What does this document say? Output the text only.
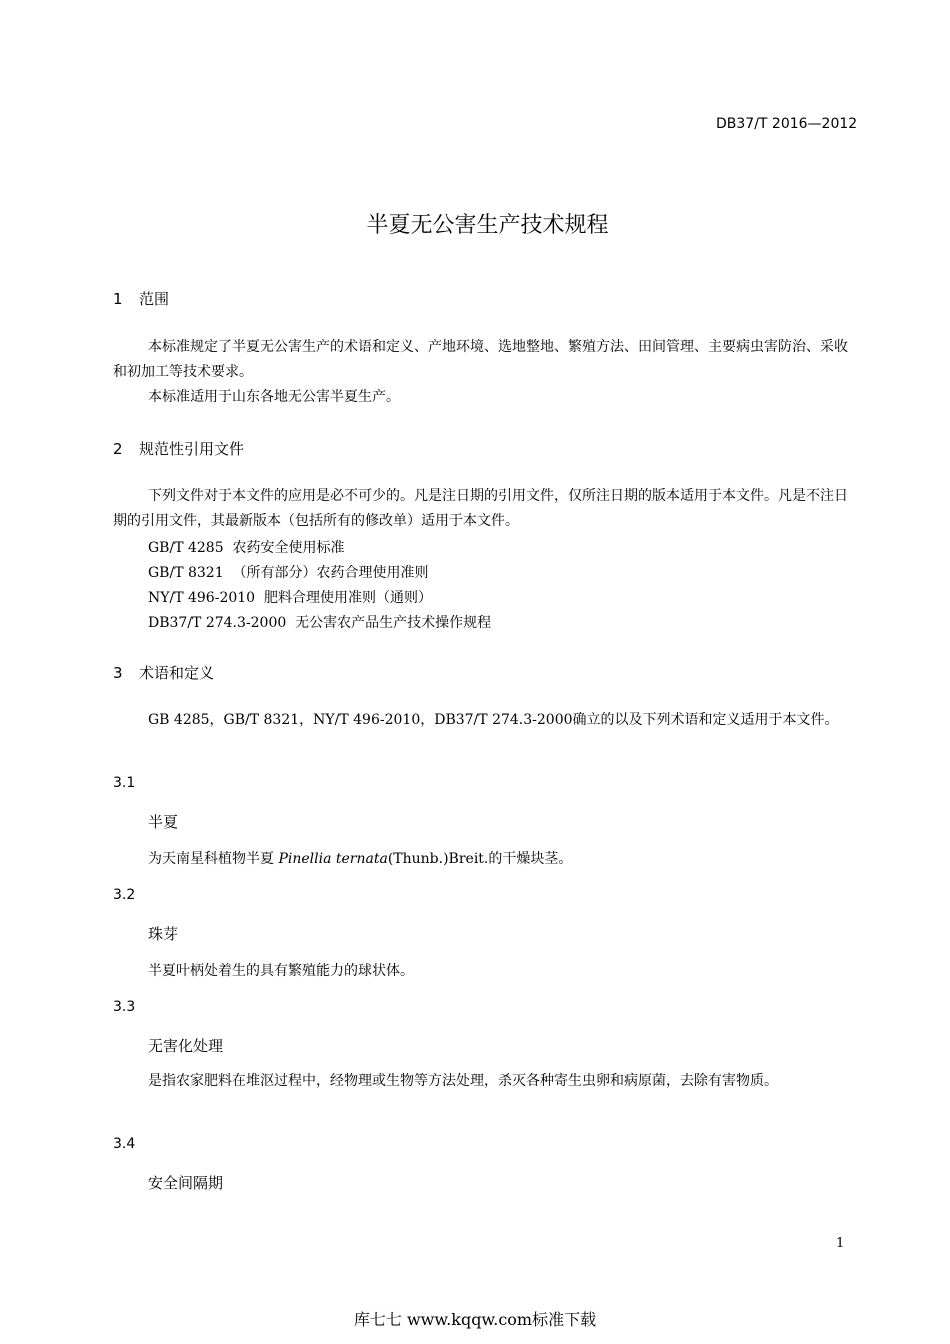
DB37/T 2016—2012
半夏无公害生产技术规程
1 范围

本标准规定了半夏无公害生产的术语和定义、产地环境、选地整地、繁殖方法、田间管理、主要病虫害防治、采收和初加工等技术要求。

本标准适用于山东各地无公害半夏生产。

2 规范性引用文件

下列文件对于本文件的应用是必不可少的。凡是注日期的引用文件，仅所注日期的版本适用于本文件。凡是不注日期的引用文件，其最新版本（包括所有的修改单）适用于本文件。

GB/T 4285  农药安全使用标准
GB/T 8321  （所有部分）农药合理使用准则
NY/T 496-2010  肥料合理使用准则（通则）
DB37/T 274.3-2000  无公害农产品生产技术操作规程
3 术语和定义

GB 4285，GB/T 8321，NY/T 496-2010，DB37/T 274.3-2000确立的以及下列术语和定义适用于本文件。

3.1
半夏
为天南星科植物半夏 Pinellia ternata(Thunb.)Breit.的干燥块茎。
3.2
珠芽
半夏叶柄处着生的具有繁殖能力的球状体。
3.3
无害化处理

是指农家肥料在堆沤过程中，经物理或生物等方法处理，杀灭各种寄生虫卵和病原菌，去除有害物质。

3.4
安全间隔期
1
库七七 www.kqqw.com标准下载
